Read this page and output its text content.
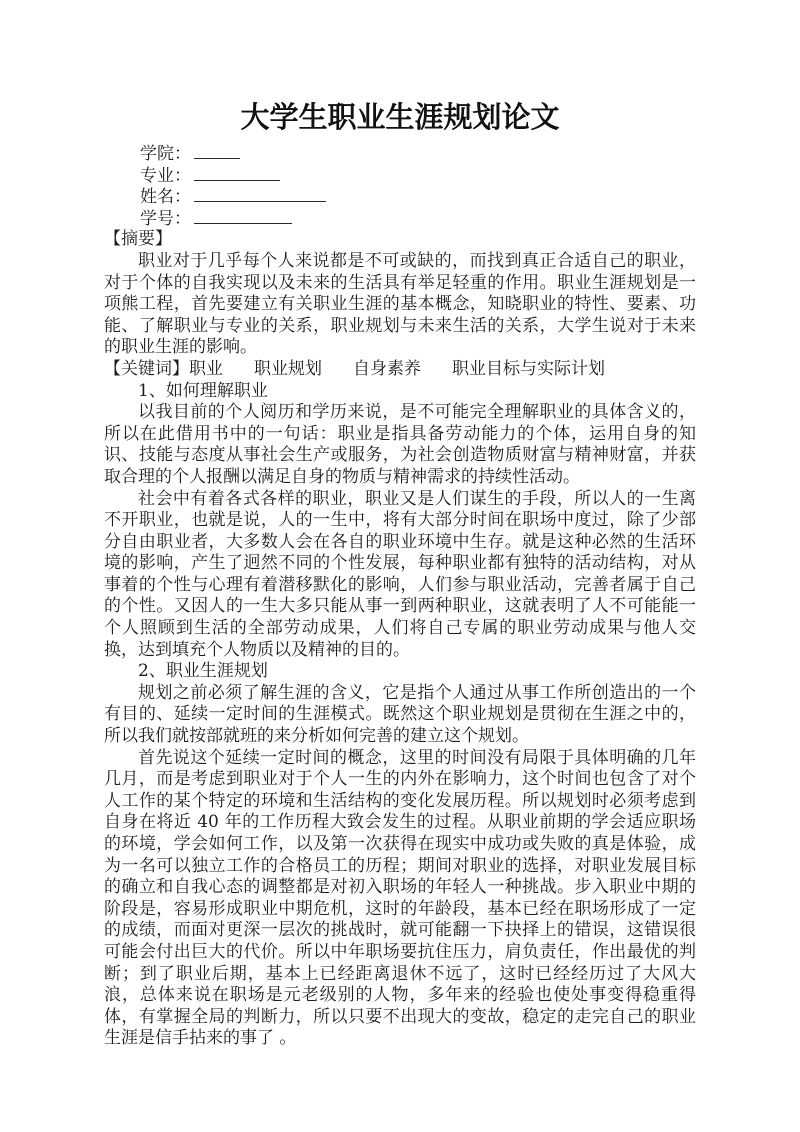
大学生职业生涯规划论文
学院：
专业：
姓名：
学号：
【摘要】

职业对于几乎每个人来说都是不可或缺的，而找到真正合适自己的职业，对于个体的自我实现以及未来的生活具有举足轻重的作用。职业生涯规划是一项熊工程，首先要建立有关职业生涯的基本概念，知晓职业的特性、要素、功能、了解职业与专业的关系，职业规划与未来生活的关系，大学生说对于未来的职业生涯的影响。

【关键词】 职业 职业规划 自身素养 职业目标与实际计划
1、如何理解职业

以我目前的个人阅历和学历来说，是不可能完全理解职业的具体含义的，所以在此借用书中的一句话：职业是指具备劳动能力的个体，运用自身的知识、技能与态度从事社会生产或服务，为社会创造物质财富与精神财富，并获取合理的个人报酬以满足自身的物质与精神需求的持续性活动。

社会中有着各式各样的职业，职业又是人们谋生的手段，所以人的一生离不开职业，也就是说，人的一生中，将有大部分时间在职场中度过，除了少部分自由职业者，大多数人会在各自的职业环境中生存。就是这种必然的生活环境的影响，产生了迥然不同的个性发展，每种职业都有独特的活动结构，对从事着的个性与心理有着潜移默化的影响，人们参与职业活动，完善者属于自己的个性。又因人的一生大多只能从事一到两种职业，这就表明了人不可能能一个人照顾到生活的全部劳动成果，人们将自己专属的职业劳动成果与他人交换，达到填充个人物质以及精神的目的。

2、职业生涯规划

规划之前必须了解生涯的含义，它是指个人通过从事工作所创造出的一个有目的、延续一定时间的生涯模式。既然这个职业规划是贯彻在生涯之中的，所以我们就按部就班的来分析如何完善的建立这个规划。

首先说这个延续一定时间的概念，这里的时间没有局限于具体明确的几年几月，而是考虑到职业对于个人一生的内外在影响力，这个时间也包含了对个人工作的某个特定的环境和生活结构的变化发展历程。所以规划时必须考虑到自身在将近 40 年的工作历程大致会发生的过程。从职业前期的学会适应职场的环境，学会如何工作，以及第一次获得在现实中成功或失败的真是体验，成为一名可以独立工作的合格员工的历程；期间对职业的选择，对职业发展目标的确立和自我心态的调整都是对初入职场的年轻人一种挑战。步入职业中期的阶段是，容易形成职业中期危机，这时的年龄段，基本已经在职场形成了一定的成绩，而面对更深一层次的挑战时，就可能翻一下抉择上的错误，这错误很可能会付出巨大的代价。所以中年职场要抗住压力，肩负责任，作出最优的判断；到了职业后期，基本上已经距离退休不远了，这时已经经历过了大风大浪，总体来说在职场是元老级别的人物，多年来的经验也使处事变得稳重得体，有掌握全局的判断力，所以只要不出现大的变故，稳定的走完自己的职业生涯是信手拈来的事了 。
